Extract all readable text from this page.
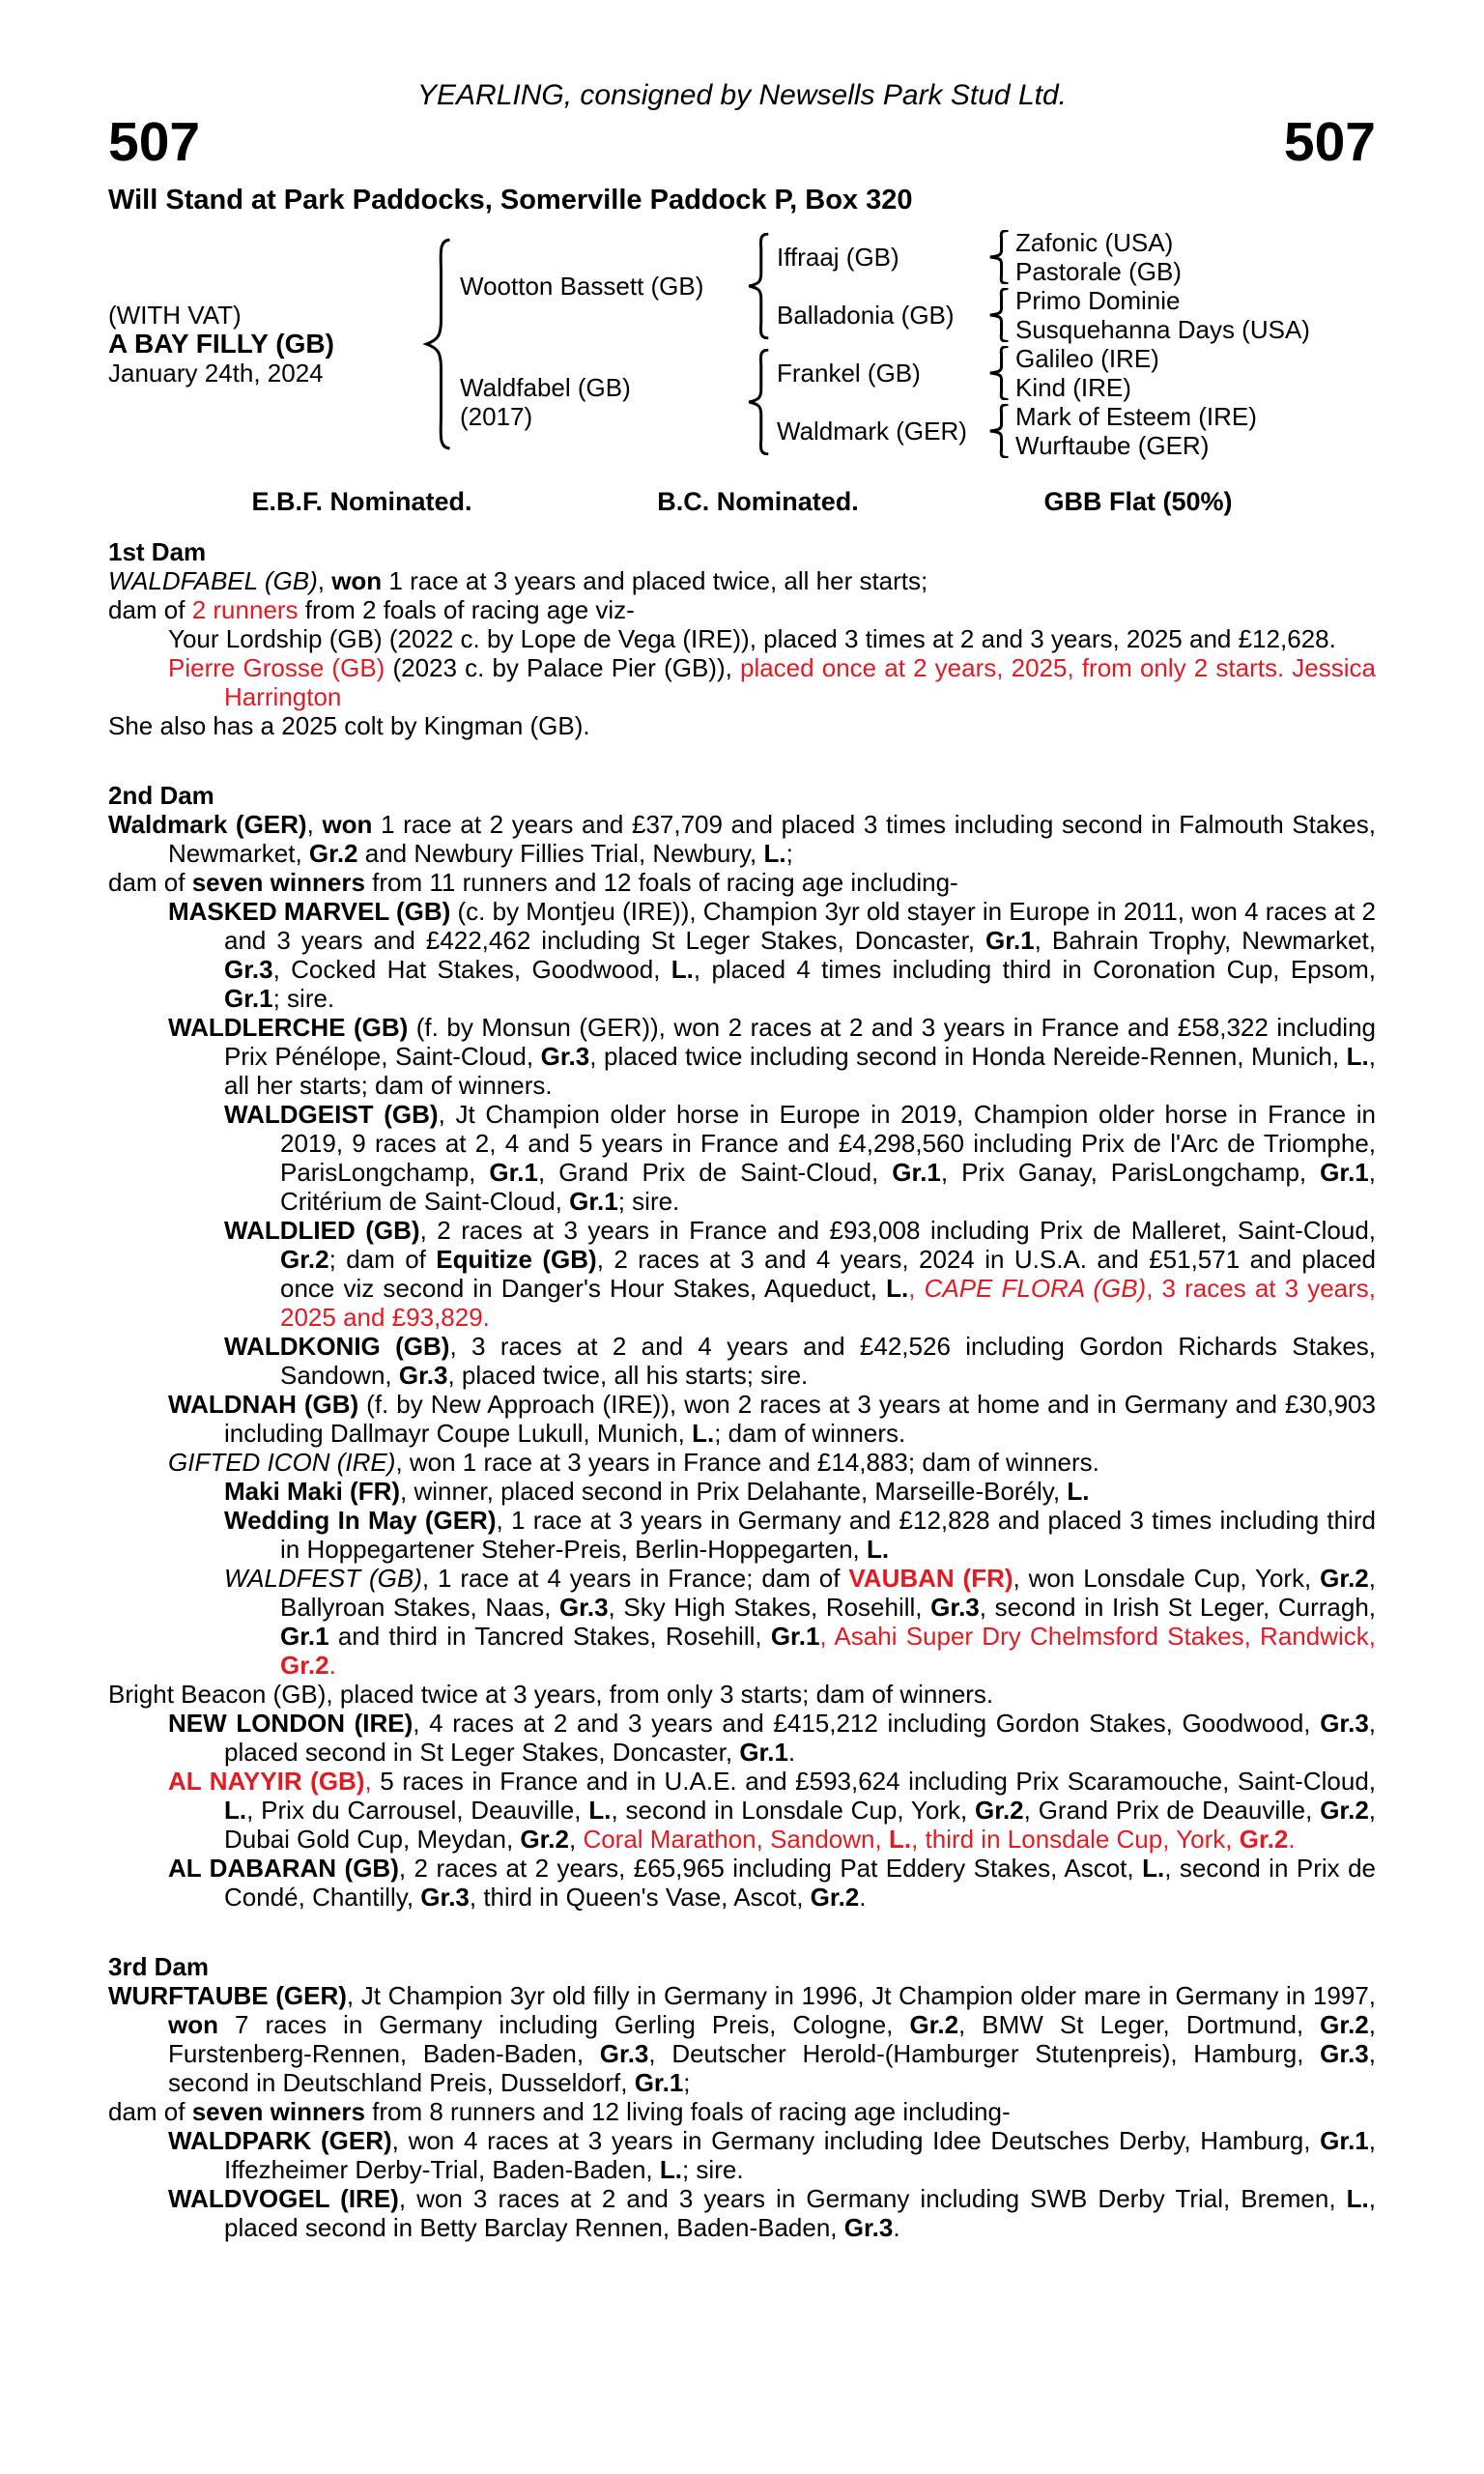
YEARLING, consigned by Newsells Park Stud Ltd.
507	507
Will Stand at Park Paddocks, Somerville Paddock P, Box 320
(WITH VAT)
A BAY FILLY (GB)
January 24th, 2024
Wootton Bassett (GB)
Waldfabel (GB)
(2017)
Iffraaj (GB)
Balladonia (GB)
Frankel (GB)
Waldmark (GER)
Zafonic (USA)
Pastorale (GB)
Primo Dominie
Susquehanna Days (USA)
Galileo (IRE)
Kind (IRE)
Mark of Esteem (IRE)
Wurftaube (GER)
E.B.F. Nominated.	B.C. Nominated.	GBB Flat (50%)
1st Dam
WALDFABEL (GB), won 1 race at 3 years and placed twice, all her starts;
dam of 2 runners from 2 foals of racing age viz-
Your Lordship (GB) (2022 c. by Lope de Vega (IRE)), placed 3 times at 2 and 3 years, 2025 and £12,628.
Pierre Grosse (GB) (2023 c. by Palace Pier (GB)), placed once at 2 years, 2025, from only 2 starts. Jessica Harrington
She also has a 2025 colt by Kingman (GB).
2nd Dam
Waldmark (GER), won 1 race at 2 years and £37,709 and placed 3 times including second in Falmouth Stakes, Newmarket, Gr.2 and Newbury Fillies Trial, Newbury, L.;
dam of seven winners from 11 runners and 12 foals of racing age including-
MASKED MARVEL (GB) (c. by Montjeu (IRE)), Champion 3yr old stayer in Europe in 2011, won 4 races at 2 and 3 years and £422,462 including St Leger Stakes, Doncaster, Gr.1, Bahrain Trophy, Newmarket, Gr.3, Cocked Hat Stakes, Goodwood, L., placed 4 times including third in Coronation Cup, Epsom, Gr.1; sire.
WALDLERCHE (GB) (f. by Monsun (GER)), won 2 races at 2 and 3 years in France and £58,322 including Prix Pénélope, Saint-Cloud, Gr.3, placed twice including second in Honda Nereide-Rennen, Munich, L., all her starts; dam of winners.
WALDGEIST (GB), Jt Champion older horse in Europe in 2019, Champion older horse in France in 2019, 9 races at 2, 4 and 5 years in France and £4,298,560 including Prix de l'Arc de Triomphe, ParisLongchamp, Gr.1, Grand Prix de Saint-Cloud, Gr.1, Prix Ganay, ParisLongchamp, Gr.1, Critérium de Saint-Cloud, Gr.1; sire.
WALDLIED (GB), 2 races at 3 years in France and £93,008 including Prix de Malleret, Saint-Cloud, Gr.2; dam of Equitize (GB), 2 races at 3 and 4 years, 2024 in U.S.A. and £51,571 and placed once viz second in Danger's Hour Stakes, Aqueduct, L., CAPE FLORA (GB), 3 races at 3 years, 2025 and £93,829.
WALDKONIG (GB), 3 races at 2 and 4 years and £42,526 including Gordon Richards Stakes, Sandown, Gr.3, placed twice, all his starts; sire.
WALDNAH (GB) (f. by New Approach (IRE)), won 2 races at 3 years at home and in Germany and £30,903 including Dallmayr Coupe Lukull, Munich, L.; dam of winners.
GIFTED ICON (IRE), won 1 race at 3 years in France and £14,883; dam of winners.
Maki Maki (FR), winner, placed second in Prix Delahante, Marseille-Borély, L.
Wedding In May (GER), 1 race at 3 years in Germany and £12,828 and placed 3 times including third in Hoppegartener Steher-Preis, Berlin-Hoppegarten, L.
WALDFEST (GB), 1 race at 4 years in France; dam of VAUBAN (FR), won Lonsdale Cup, York, Gr.2, Ballyroan Stakes, Naas, Gr.3, Sky High Stakes, Rosehill, Gr.3, second in Irish St Leger, Curragh, Gr.1 and third in Tancred Stakes, Rosehill, Gr.1, Asahi Super Dry Chelmsford Stakes, Randwick, Gr.2.
Bright Beacon (GB), placed twice at 3 years, from only 3 starts; dam of winners.
NEW LONDON (IRE), 4 races at 2 and 3 years and £415,212 including Gordon Stakes, Goodwood, Gr.3, placed second in St Leger Stakes, Doncaster, Gr.1.
AL NAYYIR (GB), 5 races in France and in U.A.E. and £593,624 including Prix Scaramouche, Saint-Cloud, L., Prix du Carrousel, Deauville, L., second in Lonsdale Cup, York, Gr.2, Grand Prix de Deauville, Gr.2, Dubai Gold Cup, Meydan, Gr.2, Coral Marathon, Sandown, L., third in Lonsdale Cup, York, Gr.2.
AL DABARAN (GB), 2 races at 2 years, £65,965 including Pat Eddery Stakes, Ascot, L., second in Prix de Condé, Chantilly, Gr.3, third in Queen's Vase, Ascot, Gr.2.
3rd Dam
WURFTAUBE (GER), Jt Champion 3yr old filly in Germany in 1996, Jt Champion older mare in Germany in 1997, won 7 races in Germany including Gerling Preis, Cologne, Gr.2, BMW St Leger, Dortmund, Gr.2, Furstenberg-Rennen, Baden-Baden, Gr.3, Deutscher Herold-(Hamburger Stutenpreis), Hamburg, Gr.3, second in Deutschland Preis, Dusseldorf, Gr.1;
dam of seven winners from 8 runners and 12 living foals of racing age including-
WALDPARK (GER), won 4 races at 3 years in Germany including Idee Deutsches Derby, Hamburg, Gr.1, Iffezheimer Derby-Trial, Baden-Baden, L.; sire.
WALDVOGEL (IRE), won 3 races at 2 and 3 years in Germany including SWB Derby Trial, Bremen, L., placed second in Betty Barclay Rennen, Baden-Baden, Gr.3.
